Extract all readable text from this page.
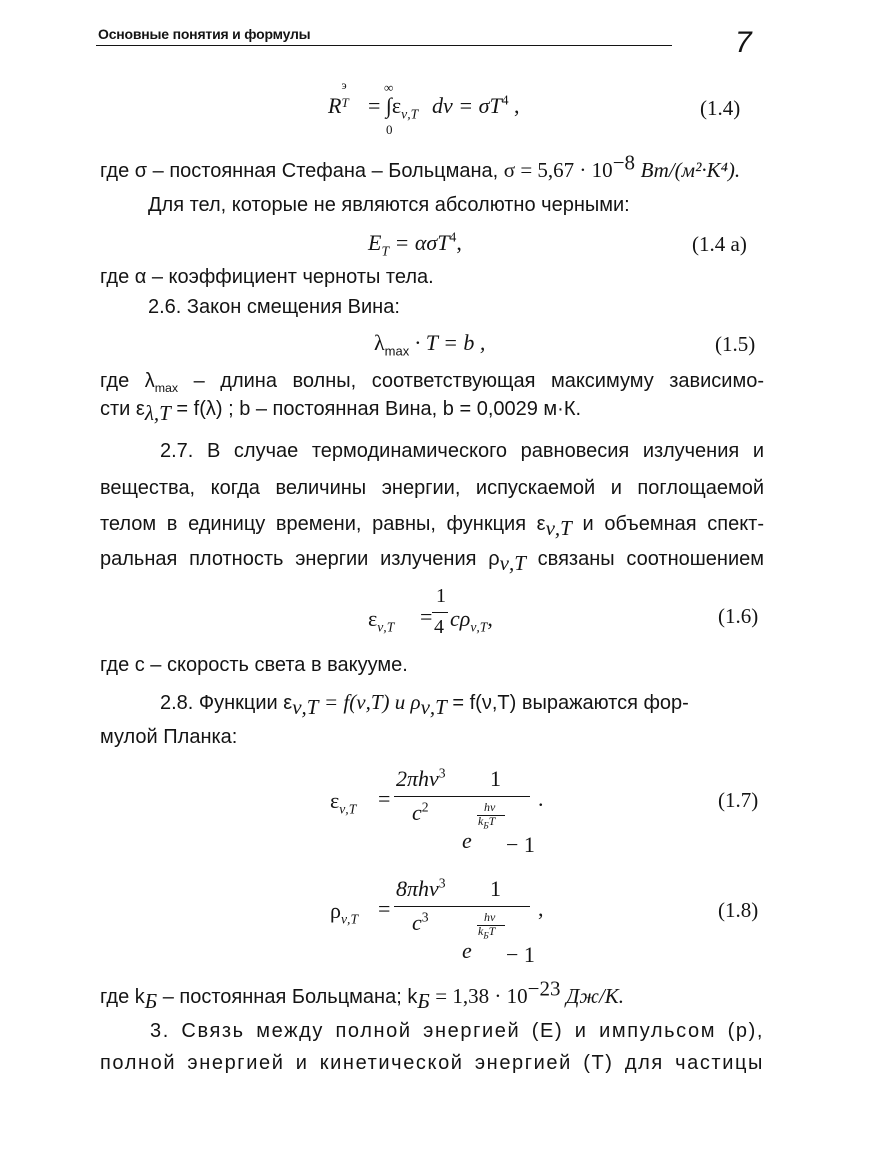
Основные понятия и формулы	7
∞
R
э
$T = \int\varepsilon_{\nu,T}$ $d\nu = \sigma T^4$ ,
0
(1.4)
где σ – постоянная Стефана – Больцмана, $\sigma = 5,67 \cdot 10^{-8}$ Вт/(м²·К⁴).
Для тел, которые не являются абсолютно черными:
$E_T = \alpha\sigma T^4$,	(1.4 a)
где α – коэффициент черноты тела.
2.6. Закон смещения Вина:
$\lambda_{max} \cdot T = b$ ,	(1.5)
где $\lambda_{max}$ – длина волны, соответствующая максимуму зависимо-
сти $\varepsilon_{\lambda,T} = f(\lambda)$ ; b – постоянная Вина, b = 0,0029 м·К.
2.7. В случае термодинамического равновесия излучения и
вещества, когда величины энергии, испускаемой и поглощаемой
телом в единицу времени, равны, функция $\varepsilon_{\nu,T}$ и объемная спект-
ральная плотность энергии излучения $\rho_{\nu,T}$ связаны соотношением
$\varepsilon_{\nu,T}$ =
1
4 $c\rho_{\nu,T}$,	(1.6)
где c – скорость света в вакууме.
2.8. Функции $\varepsilon_{\nu,T} = f(\nu,T)$ и $\rho_{\nu,T} = f(\nu,T)$ выражаются фор-
мулой Планка:
$\varepsilon_{\nu,T}$ =
2πhν$^3$
$c^2$
1
hν
$k_БT$
e − 1
.	(1.7)
$\rho_{\nu,T}$ =
8πhν$^3$
$c^3$
1
hν
$k_БT$
e − 1
,	(1.8)
где $k_Б$ – постоянная Больцмана; $k_Б = 1,38 \cdot 10^{-23}$ Дж/К.
3. Связь между полной энергией (E) и импульсом (p),
полной энергией и кинетической энергией (T) для частицы
